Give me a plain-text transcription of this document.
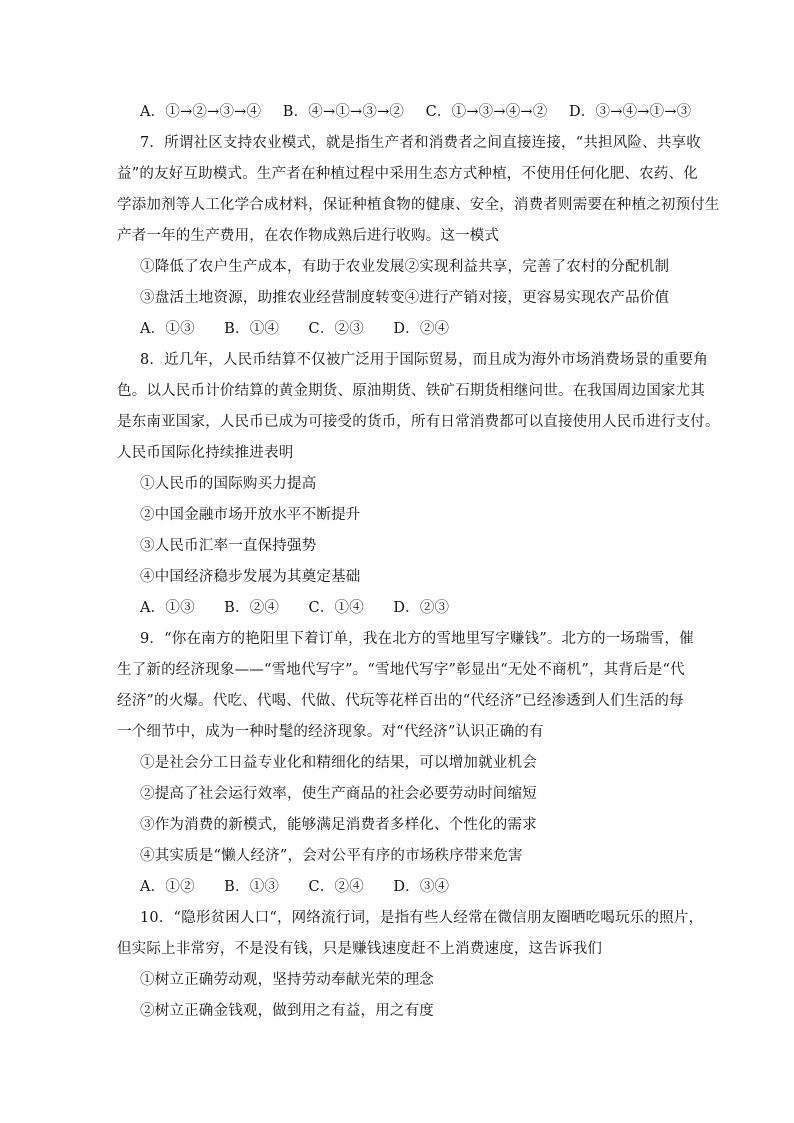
A．①→②→③→④　 B．④→①→③→②　 C．①→③→④→②　 D．③→④→①→③
7．所谓社区支持农业模式，就是指生产者和消费者之间直接连接，“共担风险、共享收
益”的友好互助模式。生产者在种植过程中采用生态方式种植，不使用任何化肥、农药、化
学添加剂等人工化学合成材料，保证种植食物的健康、安全，消费者则需要在种植之初预付生
产者一年的生产费用，在农作物成熟后进行收购。这一模式
①降低了农户生产成本，有助于农业发展②实现利益共享，完善了农村的分配机制
③盘活土地资源，助推农业经营制度转变④进行产销对接，更容易实现农产品价值
A．①③　　B．①④　　C．②③　　D．②④
8．近几年，人民币结算不仅被广泛用于国际贸易，而且成为海外市场消费场景的重要角
色。以人民币计价结算的黄金期货、原油期货、铁矿石期货相继问世。在我国周边国家尤其
是东南亚国家，人民币已成为可接受的货币，所有日常消费都可以直接使用人民币进行支付。
人民币国际化持续推进表明
①人民币的国际购买力提高
②中国金融市场开放水平不断提升
③人民币汇率一直保持强势
④中国经济稳步发展为其奠定基础
A．①③　　B．②④　　C．①④　　D．②③
9．“你在南方的艳阳里下着订单，我在北方的雪地里写字赚钱”。北方的一场瑞雪，催
生了新的经济现象——“雪地代写字”。“雪地代写字”彰显出“无处不商机”，其背后是“代
经济”的火爆。代吃、代喝、代做、代玩等花样百出的“代经济”已经渗透到人们生活的每
一个细节中，成为一种时髦的经济现象。对“代经济”认识正确的有
①是社会分工日益专业化和精细化的结果，可以增加就业机会
②提高了社会运行效率，使生产商品的社会必要劳动时间缩短
③作为消费的新模式，能够满足消费者多样化、个性化的需求
④其实质是“懒人经济”，会对公平有序的市场秩序带来危害
A．①②　　B．①③　　C．②④　　D．③④
10．“隐形贫困人口“，网络流行词，是指有些人经常在微信朋友圈晒吃喝玩乐的照片，
但实际上非常穷，不是没有钱，只是赚钱速度赶不上消费速度，这告诉我们
①树立正确劳动观，坚持劳动奉献光荣的理念
②树立正确金钱观，做到用之有益，用之有度
